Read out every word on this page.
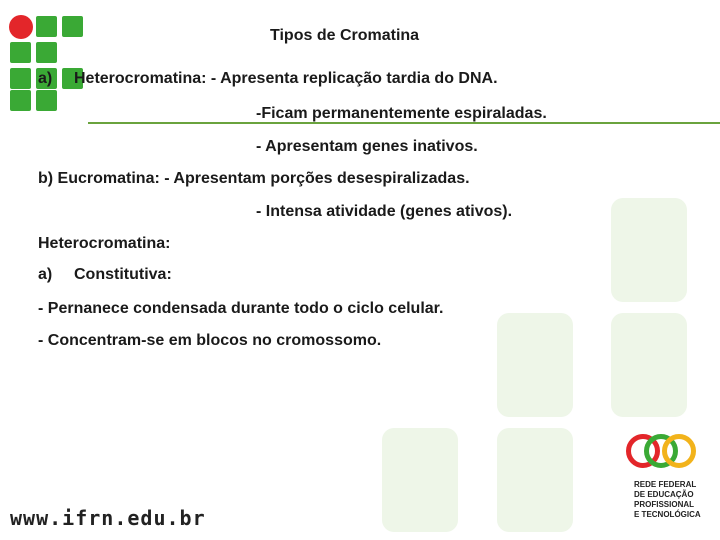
Tipos de Cromatina
a) Heterocromatina: - Apresenta replicação tardia do DNA.
-Ficam permanentemente espiraladas.
- Apresentam genes inativos.
b) Eucromatina: - Apresentam porções desespiralizadas.
- Intensa atividade (genes ativos).
Heterocromatina:
a) Constitutiva:
- Pernanece condensada durante todo o ciclo celular.
- Concentram-se em blocos no cromossomo.
www.ifrn.edu.br
REDE FEDERAL
DE EDUCAÇÃO
PROFISSIONAL
E TECNOLÓGICA
